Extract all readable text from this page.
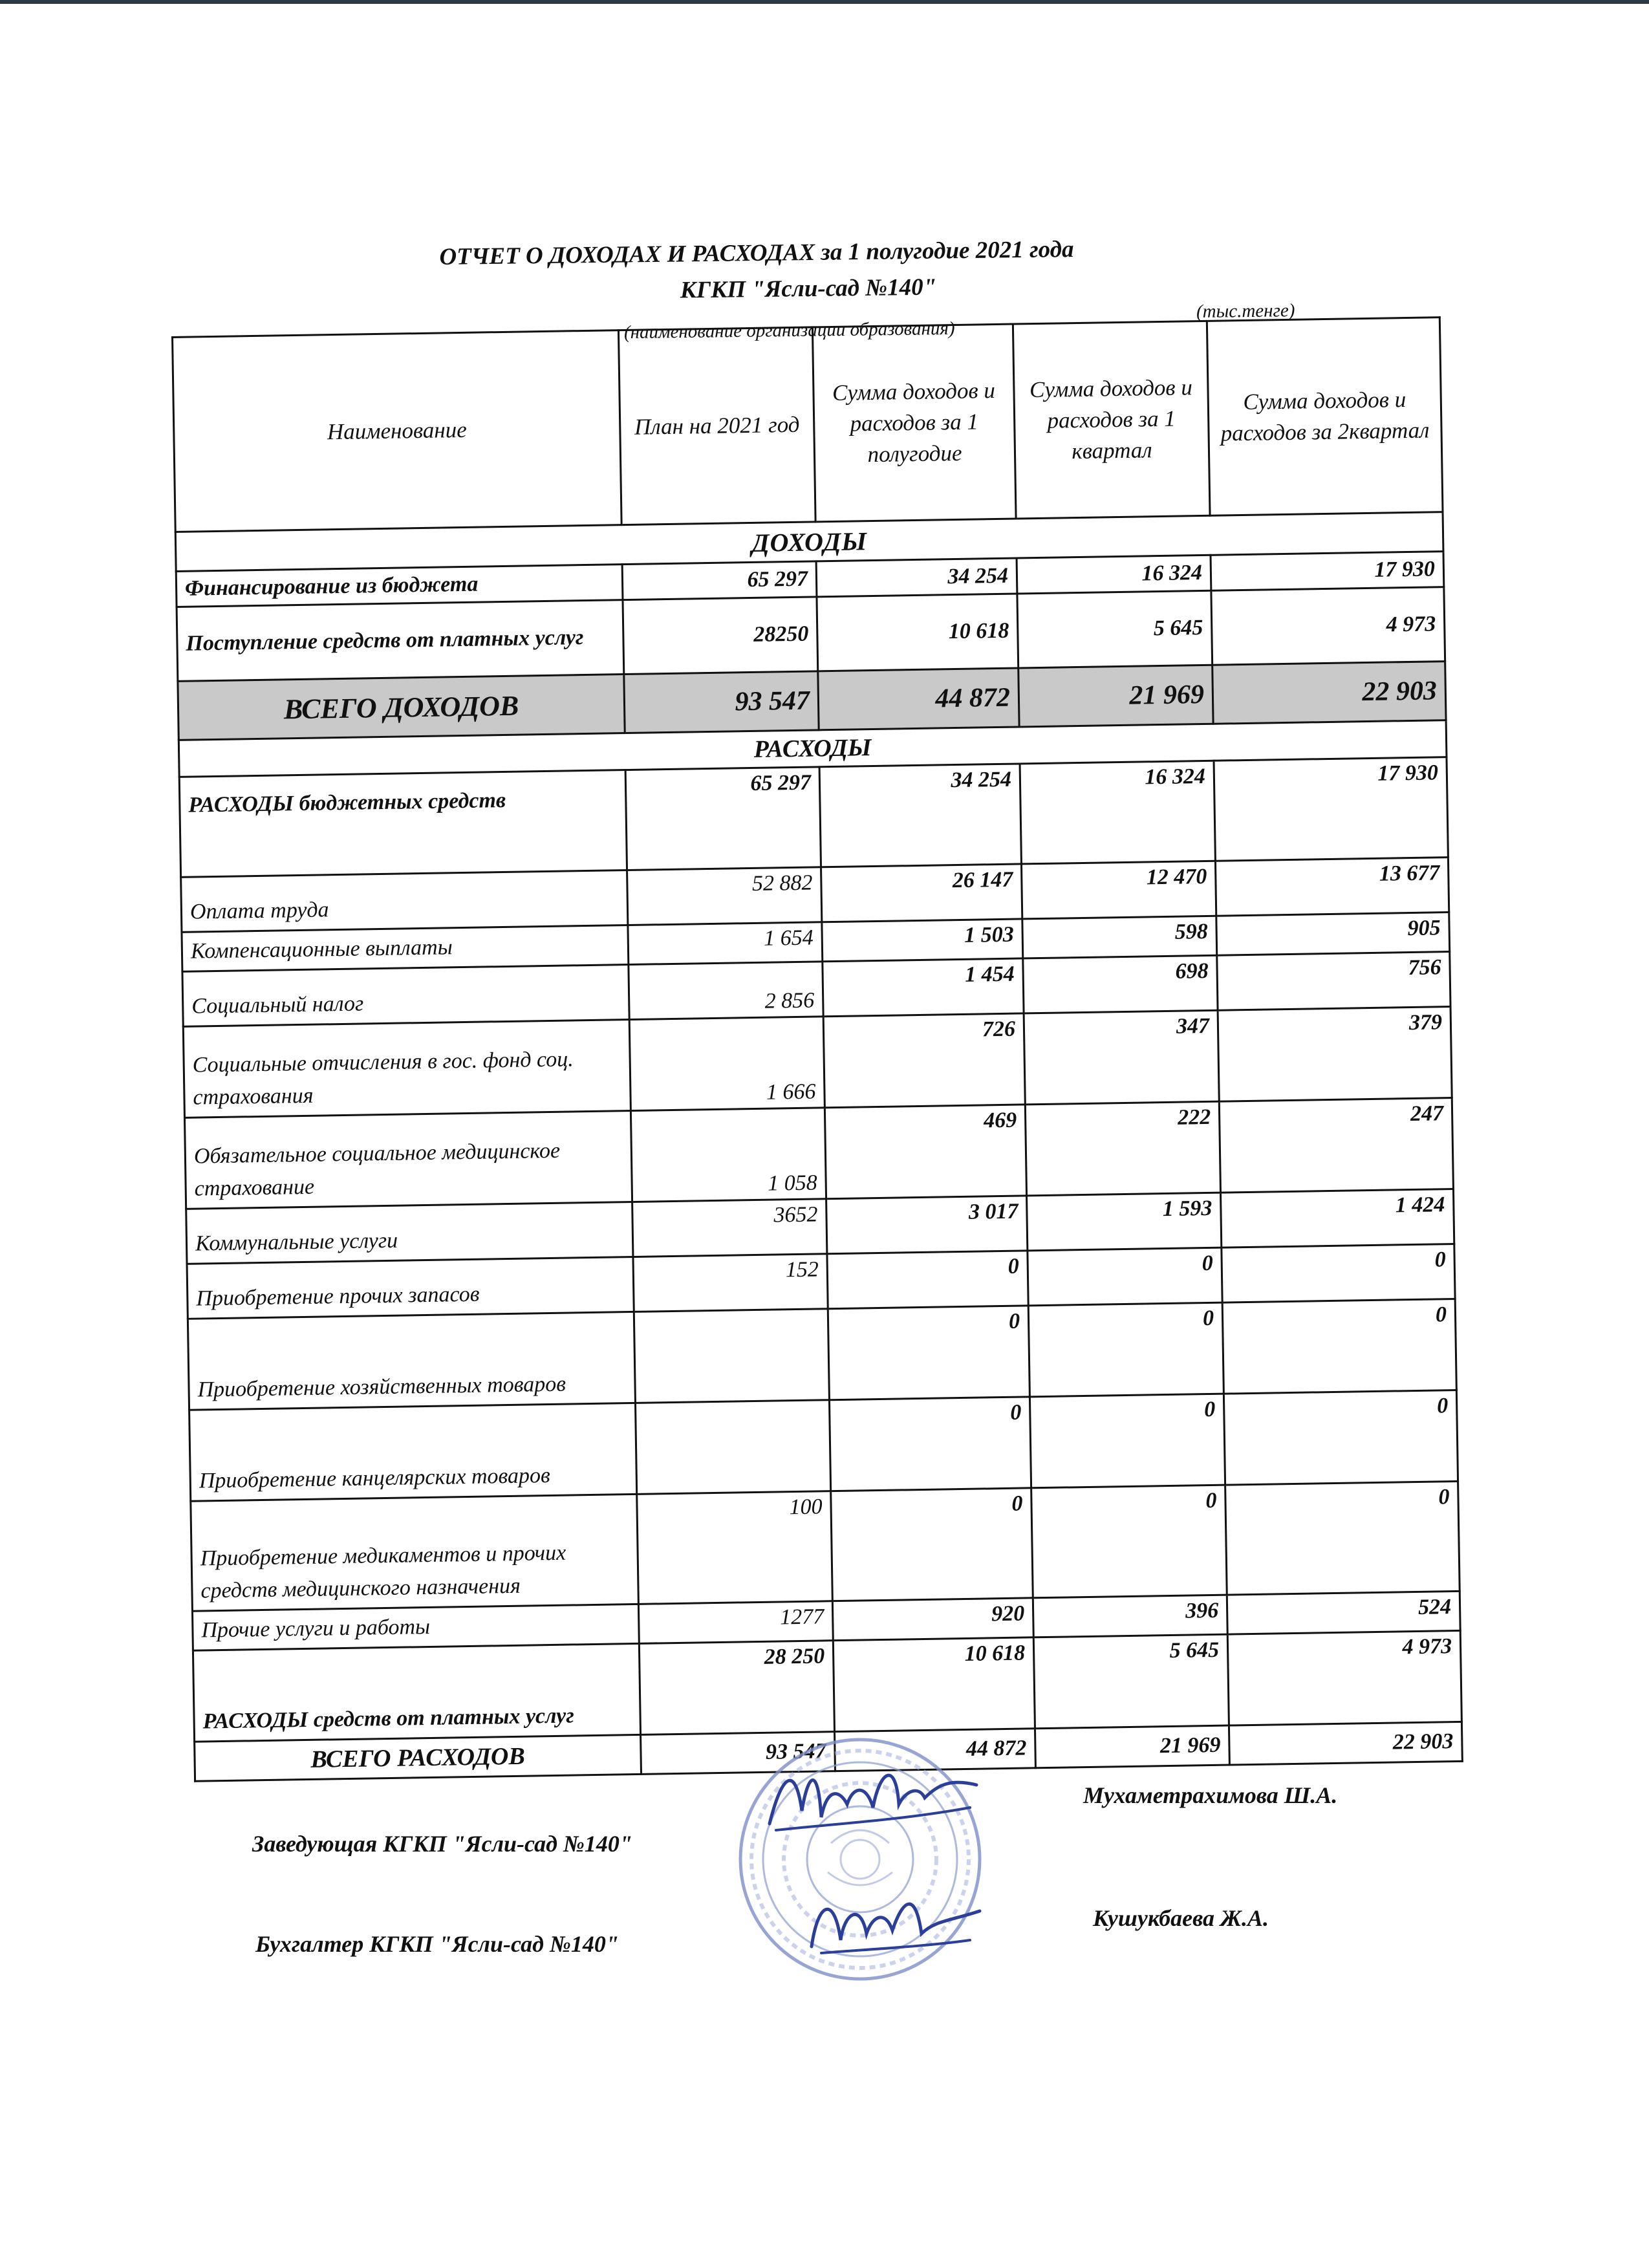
ОТЧЕТ О ДОХОДАХ И РАСХОДАХ за 1 полугодие 2021 года
КГКП "Ясли-сад №140"
(тыс.тенге)
(наименование организации образования)
Наименование	План на 2021 год	Сумма доходов и расходов за 1 полугодие	Сумма доходов и расходов за 1 квартал	Сумма доходов и расходов за 2квартал
ДОХОДЫ				
Финансирование из бюджета	65 297	34 254	16 324	17 930
Поступление средств от платных услуг	28250	10 618	5 645	4 973
ВСЕГО ДОХОДОВ	93 547	44 872	21 969	22 903
РАСХОДЫ				
РАСХОДЫ бюджетных средств	65 297	34 254	16 324	17 930
Оплата труда	52 882	26 147	12 470	13 677
Компенсационные выплаты	1 654	1 503	598	905
Социальный налог	2 856	1 454	698	756
Социальные отчисления в гос. фонд соц. страхования	1 666	726	347	379
Обязательное социальное медицинское страхование	1 058	469	222	247
Коммунальные услуги	3652	3 017	1 593	1 424
Приобретение прочих запасов	152	0	0	0
Приобретение хозяйственных товаров		0	0	0
Приобретение канцелярских товаров		0	0	0
Приобретение медикаментов и прочих средств медицинского назначения	100	0	0	0
Прочие услуги и работы	1277	920	396	524
РАСХОДЫ средств от платных услуг	28 250	10 618	5 645	4 973
ВСЕГО РАСХОДОВ	93 547	44 872	21 969	22 903
Заведующая КГКП "Ясли-сад №140"
Мухаметрахимова Ш.А.
Бухгалтер КГКП "Ясли-сад №140"
Кушукбаева Ж.А.
